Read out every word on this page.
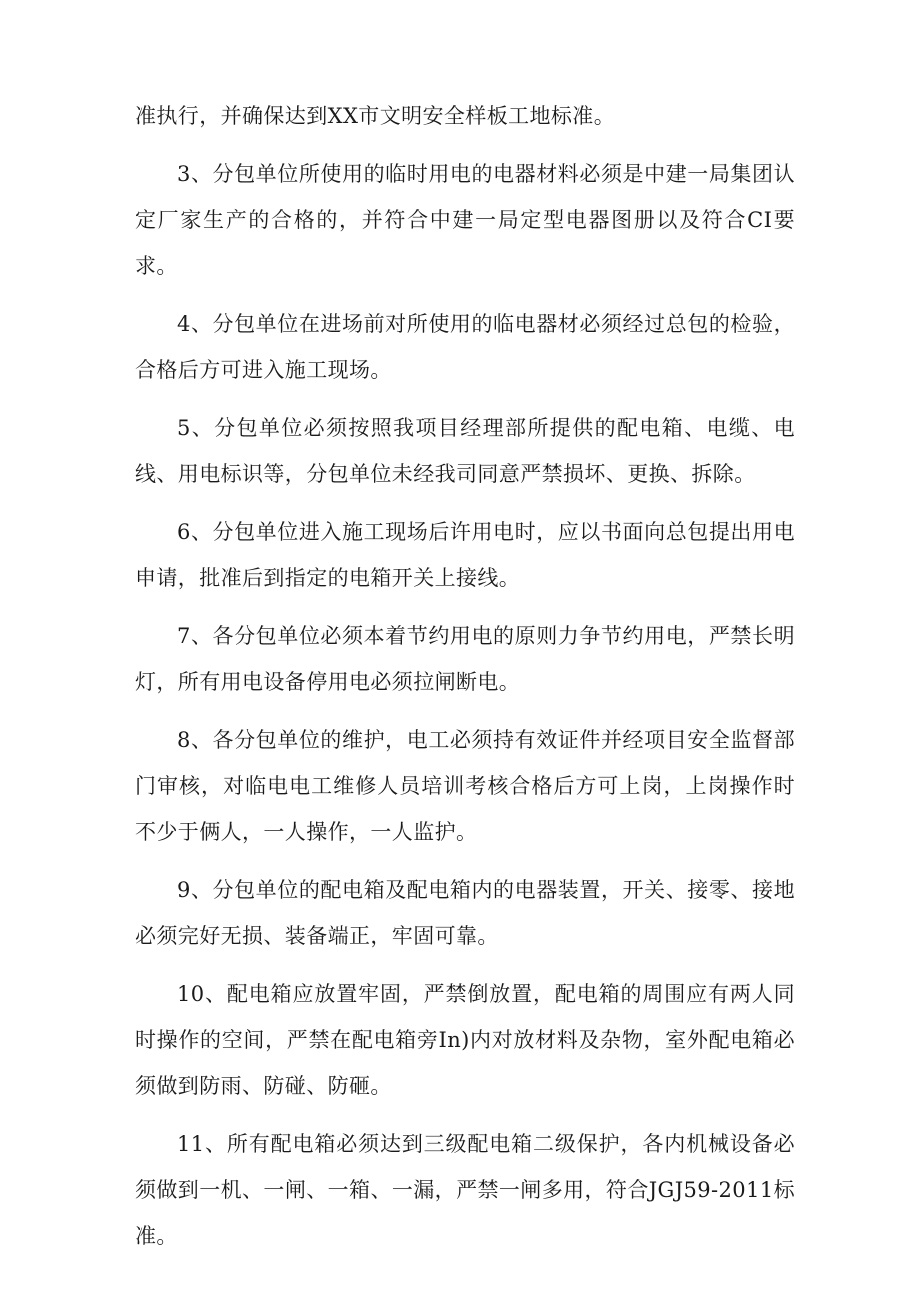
准执行，并确保达到XX市文明安全样板工地标准。

3、分包单位所使用的临时用电的电器材料必须是中建一局集团认定厂家生产的合格的，并符合中建一局定型电器图册以及符合CI要求。

4、分包单位在进场前对所使用的临电器材必须经过总包的检验，合格后方可进入施工现场。

5、分包单位必须按照我项目经理部所提供的配电箱、电缆、电线、用电标识等，分包单位未经我司同意严禁损坏、更换、拆除。

6、分包单位进入施工现场后许用电时，应以书面向总包提出用电申请，批准后到指定的电箱开关上接线。

7、各分包单位必须本着节约用电的原则力争节约用电，严禁长明灯，所有用电设备停用电必须拉闸断电。

8、各分包单位的维护，电工必须持有效证件并经项目安全监督部门审核，对临电电工维修人员培训考核合格后方可上岗，上岗操作时不少于俩人，一人操作，一人监护。

9、分包单位的配电箱及配电箱内的电器装置，开关、接零、接地必须完好无损、装备端正，牢固可靠。

10、配电箱应放置牢固，严禁倒放置，配电箱的周围应有两人同时操作的空间，严禁在配电箱旁In)内对放材料及杂物，室外配电箱必须做到防雨、防碰、防砸。

11、所有配电箱必须达到三级配电箱二级保护，各内机械设备必须做到一机、一闸、一箱、一漏，严禁一闸多用，符合JGJ59-2011标准。
